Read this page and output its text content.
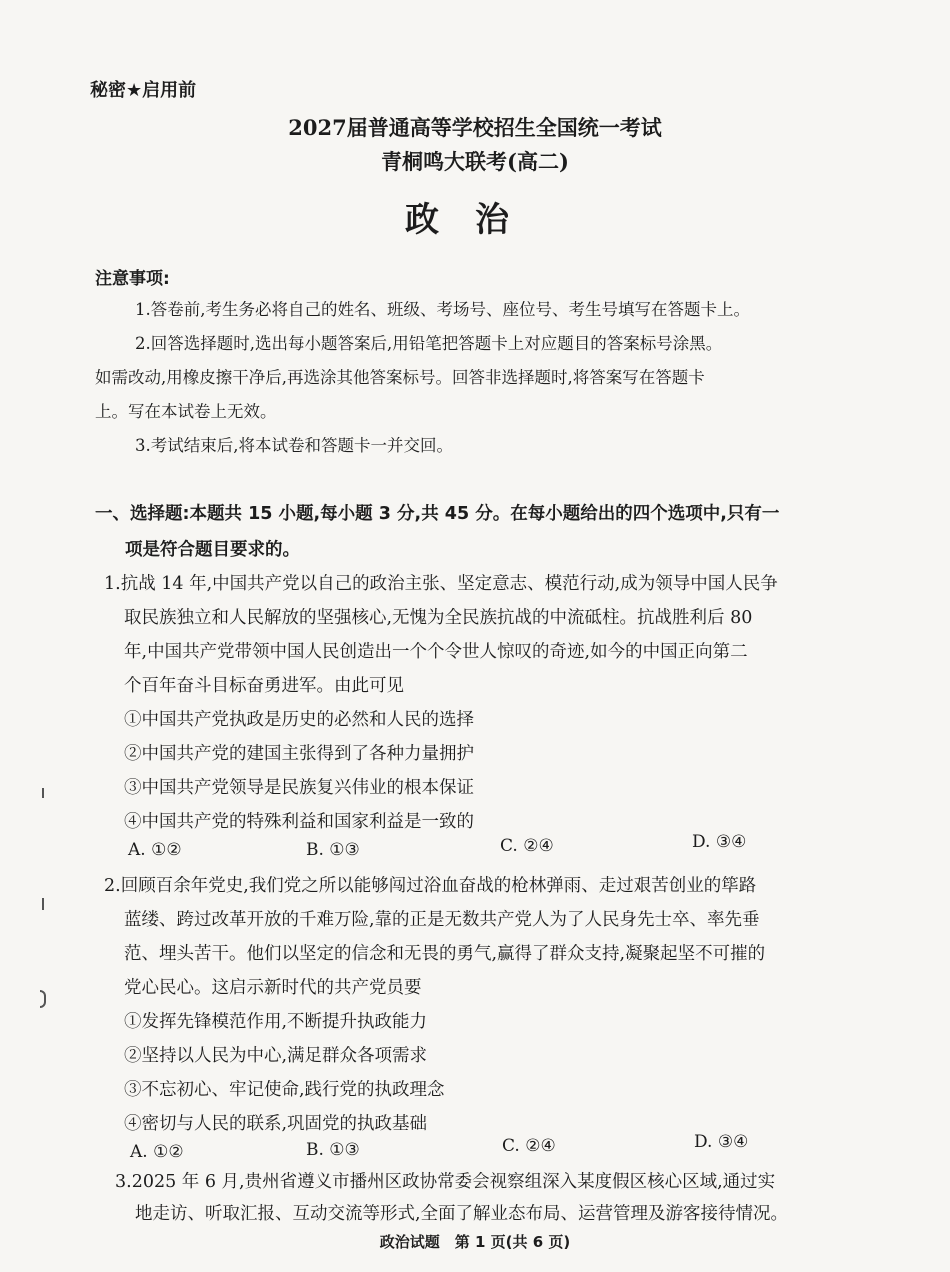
秘密★启用前
2027届普通高等学校招生全国统一考试
青桐鸣大联考(高二)
政治
注意事项:
1.答卷前,考生务必将自己的姓名、班级、考场号、座位号、考生号填写在答题卡上。
2.回答选择题时,选出每小题答案后,用铅笔把答题卡上对应题目的答案标号涂黑。
如需改动,用橡皮擦干净后,再选涂其他答案标号。回答非选择题时,将答案写在答题卡
上。写在本试卷上无效。
3.考试结束后,将本试卷和答题卡一并交回。
一、选择题:本题共 15 小题,每小题 3 分,共 45 分。在每小题给出的四个选项中,只有一
项是符合题目要求的。
1.抗战 14 年,中国共产党以自己的政治主张、坚定意志、模范行动,成为领导中国人民争
取民族独立和人民解放的坚强核心,无愧为全民族抗战的中流砥柱。抗战胜利后 80
年,中国共产党带领中国人民创造出一个个令世人惊叹的奇迹,如今的中国正向第二
个百年奋斗目标奋勇进军。由此可见
①中国共产党执政是历史的必然和人民的选择
②中国共产党的建国主张得到了各种力量拥护
③中国共产党领导是民族复兴伟业的根本保证
④中国共产党的特殊利益和国家利益是一致的
A. ①②	B. ①③	C. ②④	D. ③④
2.回顾百余年党史,我们党之所以能够闯过浴血奋战的枪林弹雨、走过艰苦创业的筚路
蓝缕、跨过改革开放的千难万险,靠的正是无数共产党人为了人民身先士卒、率先垂
范、埋头苦干。他们以坚定的信念和无畏的勇气,赢得了群众支持,凝聚起坚不可摧的
党心民心。这启示新时代的共产党员要
①发挥先锋模范作用,不断提升执政能力
②坚持以人民为中心,满足群众各项需求
③不忘初心、牢记使命,践行党的执政理念
④密切与人民的联系,巩固党的执政基础
A. ①②	B. ①③	C. ②④	D. ③④
3.2025 年 6 月,贵州省遵义市播州区政协常委会视察组深入某度假区核心区域,通过实
地走访、听取汇报、互动交流等形式,全面了解业态布局、运营管理及游客接待情况。
政治试题　第 1 页(共 6 页)
